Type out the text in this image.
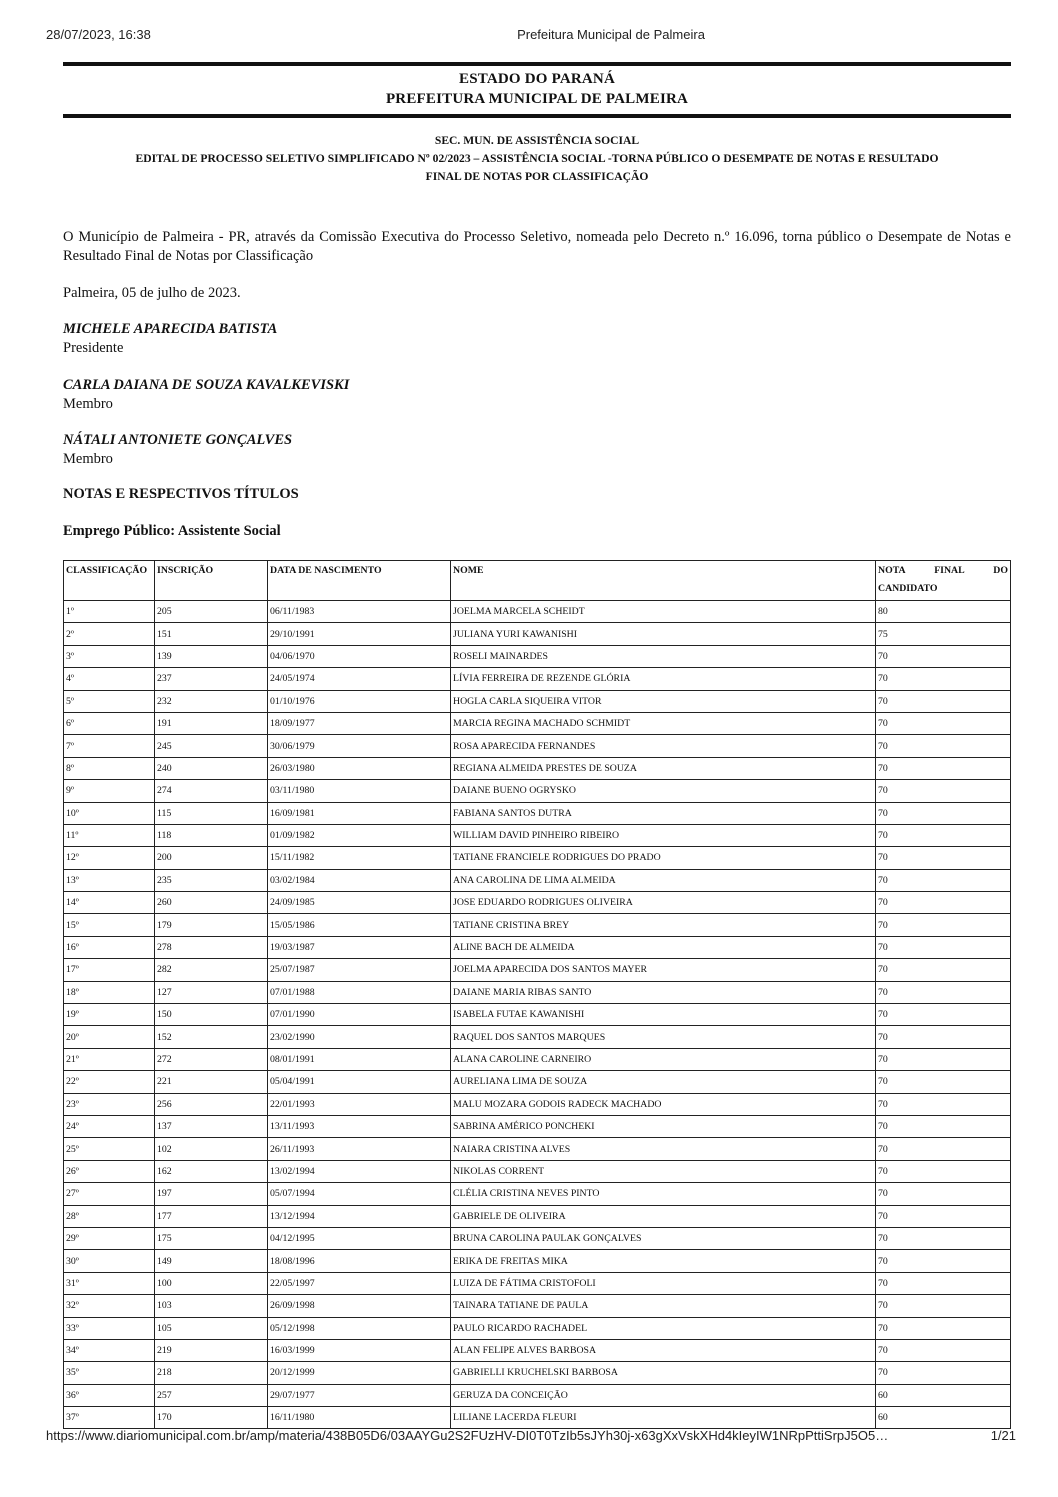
28/07/2023, 16:38	Prefeitura Municipal de Palmeira
ESTADO DO PARANÁ
PREFEITURA MUNICIPAL DE PALMEIRA
SEC. MUN. DE ASSISTÊNCIA SOCIAL
EDITAL DE PROCESSO SELETIVO SIMPLIFICADO Nº 02/2023 – ASSISTÊNCIA SOCIAL -TORNA PÚBLICO O DESEMPATE DE NOTAS E RESULTADO
FINAL DE NOTAS POR CLASSIFICAÇÃO
O Município de Palmeira - PR, através da Comissão Executiva do Processo Seletivo, nomeada pelo Decreto n.º 16.096, torna público o Desempate de Notas e Resultado Final de Notas por Classificação
Palmeira, 05 de julho de 2023.
MICHELE APARECIDA BATISTA
Presidente
CARLA DAIANA DE SOUZA KAVALKEVISKI
Membro
NÁTALI ANTONIETE GONÇALVES
Membro
NOTAS E RESPECTIVOS TÍTULOS
Emprego Público: Assistente Social
CLASSIFICAÇÃO	INSCRIÇÃO	DATA DE NASCIMENTO	NOME	NOTA FINAL DO
CANDIDATO

1º	205	06/11/1983	JOELMA MARCELA SCHEIDT	80
2º	151	29/10/1991	JULIANA YURI KAWANISHI	75
3º	139	04/06/1970	ROSELI MAINARDES	70
4º	237	24/05/1974	LÍVIA FERREIRA DE REZENDE GLÓRIA	70
5º	232	01/10/1976	HOGLA CARLA SIQUEIRA VITOR	70
6º	191	18/09/1977	MARCIA REGINA MACHADO SCHMIDT	70
7º	245	30/06/1979	ROSA APARECIDA FERNANDES	70
8º	240	26/03/1980	REGIANA ALMEIDA PRESTES DE SOUZA	70
9º	274	03/11/1980	DAIANE BUENO OGRYSKO	70
10º	115	16/09/1981	FABIANA SANTOS DUTRA	70
11º	118	01/09/1982	WILLIAM DAVID PINHEIRO RIBEIRO	70
12º	200	15/11/1982	TATIANE FRANCIELE RODRIGUES DO PRADO	70
13º	235	03/02/1984	ANA CAROLINA DE LIMA ALMEIDA	70
14º	260	24/09/1985	JOSE EDUARDO RODRIGUES OLIVEIRA	70
15º	179	15/05/1986	TATIANE CRISTINA BREY	70
16º	278	19/03/1987	ALINE BACH DE ALMEIDA	70
17º	282	25/07/1987	JOELMA APARECIDA DOS SANTOS MAYER	70
18º	127	07/01/1988	DAIANE MARIA RIBAS SANTO	70
19º	150	07/01/1990	ISABELA FUTAE KAWANISHI	70
20º	152	23/02/1990	RAQUEL DOS SANTOS MARQUES	70
21º	272	08/01/1991	ALANA CAROLINE CARNEIRO	70
22º	221	05/04/1991	AURELIANA LIMA DE SOUZA	70
23º	256	22/01/1993	MALU MOZARA GODOIS RADECK MACHADO	70
24º	137	13/11/1993	SABRINA AMÉRICO PONCHEKI	70
25º	102	26/11/1993	NAIARA CRISTINA ALVES	70
26º	162	13/02/1994	NIKOLAS CORRENT	70
27º	197	05/07/1994	CLÉLIA CRISTINA NEVES PINTO	70
28º	177	13/12/1994	GABRIELE DE OLIVEIRA	70
29º	175	04/12/1995	BRUNA CAROLINA PAULAK GONÇALVES	70
30º	149	18/08/1996	ERIKA DE FREITAS MIKA	70
31º	100	22/05/1997	LUIZA DE FÁTIMA CRISTOFOLI	70
32º	103	26/09/1998	TAINARA TATIANE DE PAULA	70
33º	105	05/12/1998	PAULO RICARDO RACHADEL	70
34º	219	16/03/1999	ALAN FELIPE ALVES BARBOSA	70
35º	218	20/12/1999	GABRIELLI KRUCHELSKI BARBOSA	70
36º	257	29/07/1977	GERUZA DA CONCEIÇÃO	60
37º	170	16/11/1980	LILIANE LACERDA FLEURI	60
https://www.diariomunicipal.com.br/amp/materia/438B05D6/03AAYGu2S2FUzHV-DI0T0TzIb5sJYh30j-x63gXxVskXHd4kIeyIW1NRpPttiSrpJ5O5…	1/21
